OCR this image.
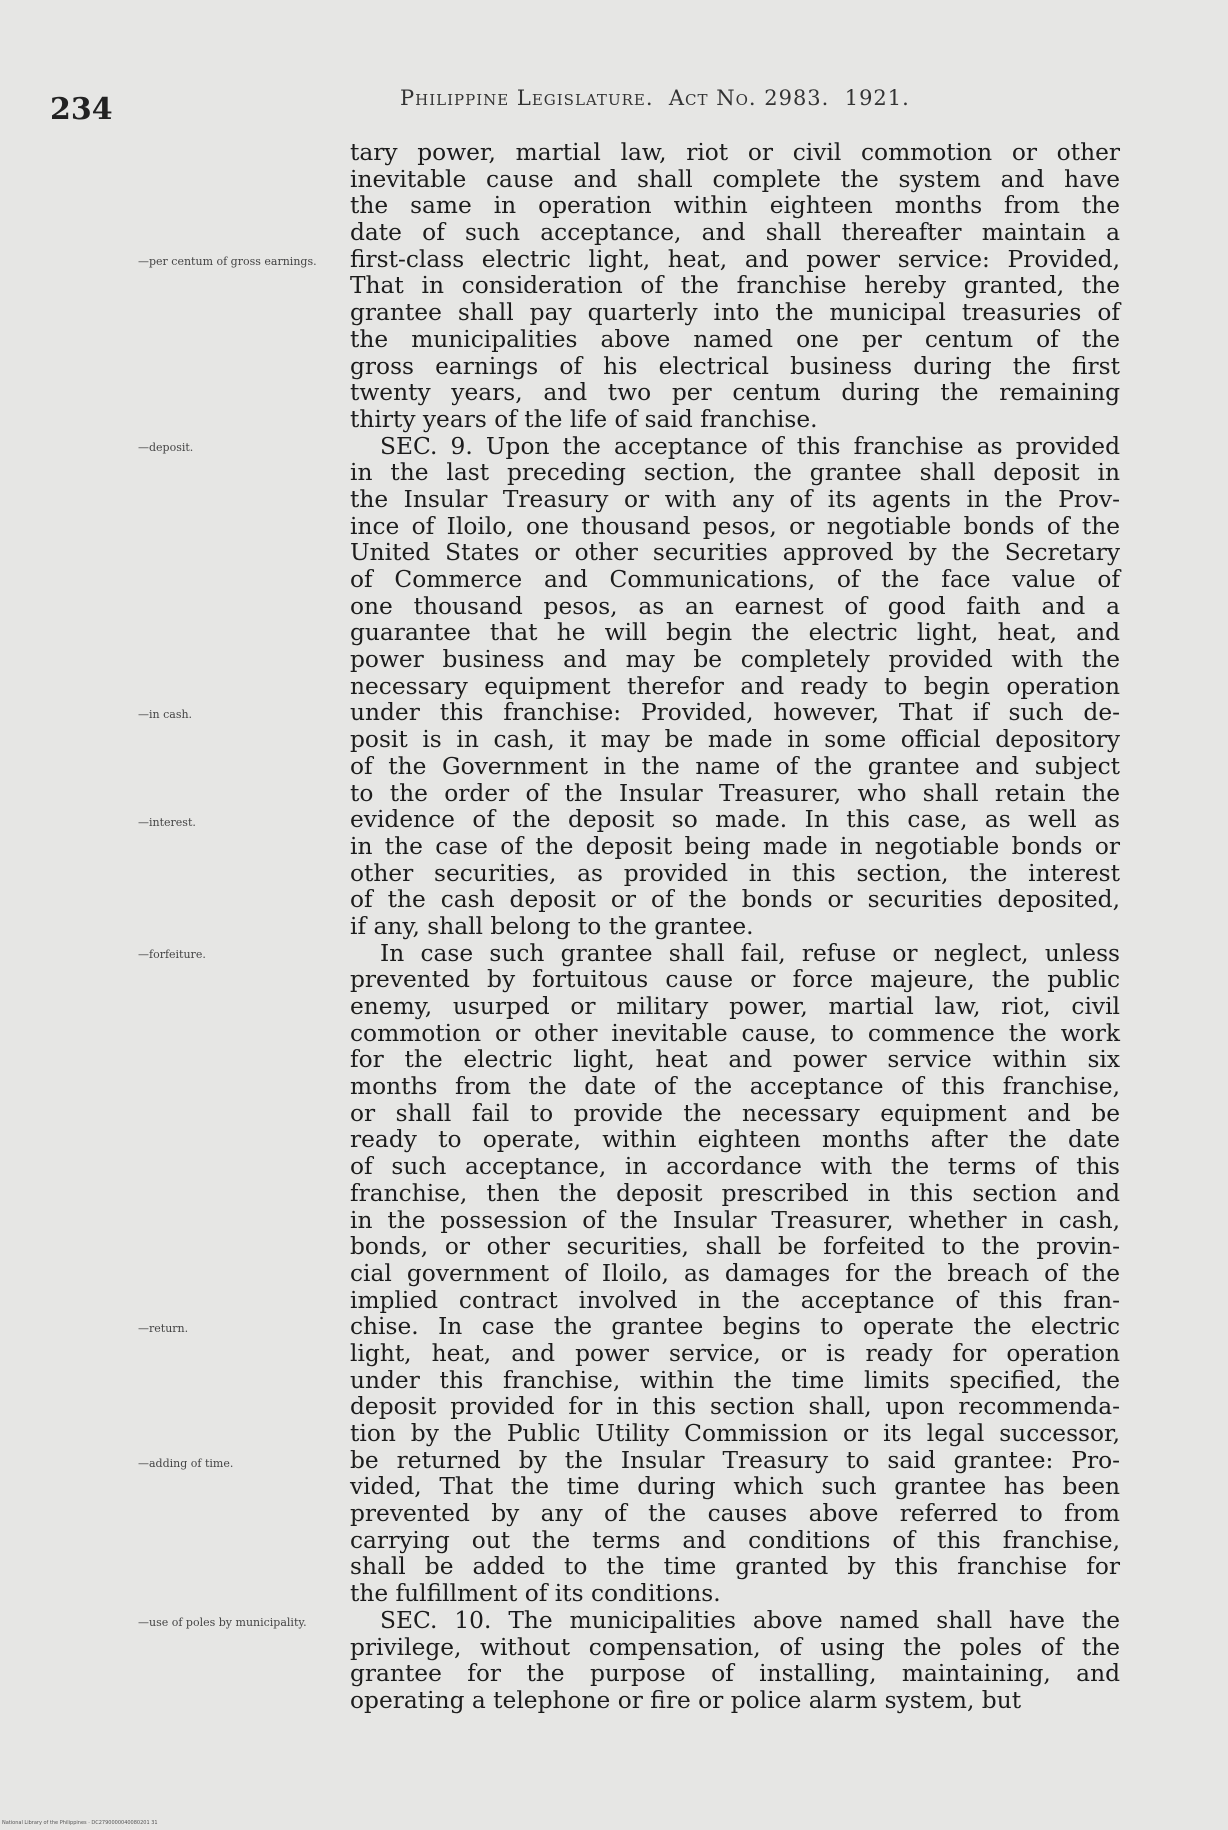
234	Philippine Legislature. Act No. 2983. 1921.
—per centum of gross earnings.
—deposit.
—in cash.
—interest.
—forfeiture.
—return.
—adding of time.
—use of poles by municipality.
tary power, martial law, riot or civil commotion or other
inevitable cause and shall complete the system and have
the same in operation within eighteen months from the
date of such acceptance, and shall thereafter maintain a
first-class electric light, heat, and power service: Provided,
That in consideration of the franchise hereby granted, the
grantee shall pay quarterly into the municipal treasuries of
the municipalities above named one per centum of the
gross earnings of his electrical business during the first
twenty years, and two per centum during the remaining
thirty years of the life of said franchise.
SEC. 9. Upon the acceptance of this franchise as provided
in the last preceding section, the grantee shall deposit in
the Insular Treasury or with any of its agents in the Prov-
ince of Iloilo, one thousand pesos, or negotiable bonds of the
United States or other securities approved by the Secretary
of Commerce and Communications, of the face value of
one thousand pesos, as an earnest of good faith and a
guarantee that he will begin the electric light, heat, and
power business and may be completely provided with the
necessary equipment therefor and ready to begin operation
under this franchise: Provided, however, That if such de-
posit is in cash, it may be made in some official depository
of the Government in the name of the grantee and subject
to the order of the Insular Treasurer, who shall retain the
evidence of the deposit so made. In this case, as well as
in the case of the deposit being made in negotiable bonds or
other securities, as provided in this section, the interest
of the cash deposit or of the bonds or securities deposited,
if any, shall belong to the grantee.
In case such grantee shall fail, refuse or neglect, unless
prevented by fortuitous cause or force majeure, the public
enemy, usurped or military power, martial law, riot, civil
commotion or other inevitable cause, to commence the work
for the electric light, heat and power service within six
months from the date of the acceptance of this franchise,
or shall fail to provide the necessary equipment and be
ready to operate, within eighteen months after the date
of such acceptance, in accordance with the terms of this
franchise, then the deposit prescribed in this section and
in the possession of the Insular Treasurer, whether in cash,
bonds, or other securities, shall be forfeited to the provin-
cial government of Iloilo, as damages for the breach of the
implied contract involved in the acceptance of this fran-
chise. In case the grantee begins to operate the electric
light, heat, and power service, or is ready for operation
under this franchise, within the time limits specified, the
deposit provided for in this section shall, upon recommenda-
tion by the Public Utility Commission or its legal successor,
be returned by the Insular Treasury to said grantee: Pro-
vided, That the time during which such grantee has been
prevented by any of the causes above referred to from
carrying out the terms and conditions of this franchise,
shall be added to the time granted by this franchise for
the fulfillment of its conditions.
SEC. 10. The municipalities above named shall have the
privilege, without compensation, of using the poles of the
grantee for the purpose of installing, maintaining, and
operating a telephone or fire or police alarm system, but
National Library of the Philippines · DC2790000040080201 31
